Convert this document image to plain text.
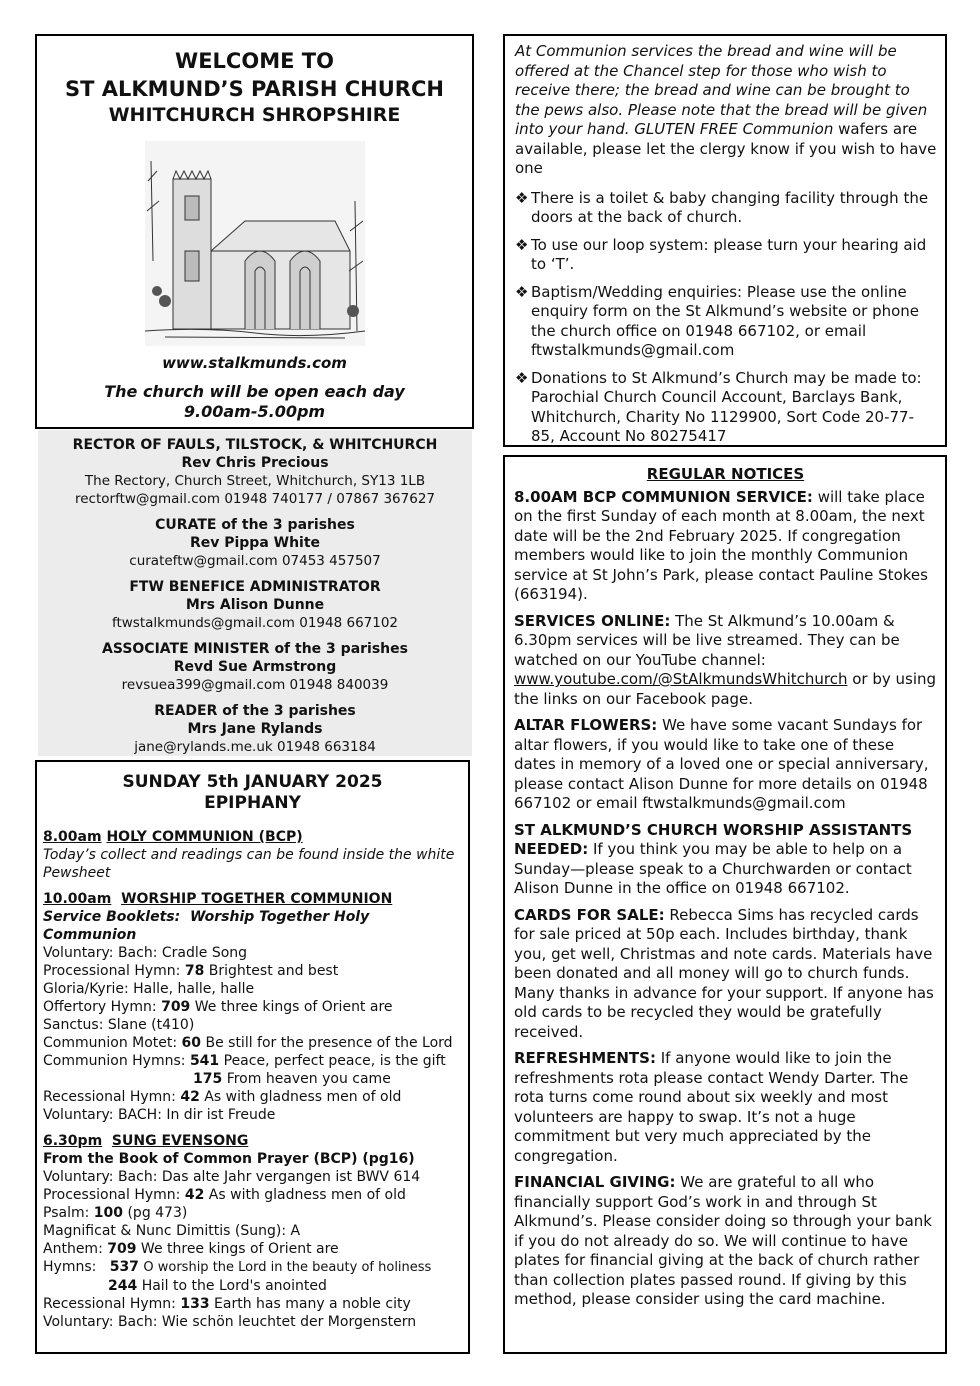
WELCOME TO
ST ALKMUND’S PARISH CHURCH
WHITCHURCH SHROPSHIRE
www.stalkmunds.com
The church will be open each day
9.00am-5.00pm
RECTOR OF FAULS, TILSTOCK, & WHITCHURCH
Rev Chris Precious
The Rectory, Church Street, Whitchurch, SY13 1LB
rectorftw@gmail.com 01948 740177 / 07867 367627
CURATE of the 3 parishes
Rev Pippa White
curateftw@gmail.com 07453 457507
FTW BENEFICE ADMINISTRATOR
Mrs Alison Dunne
ftwstalkmunds@gmail.com 01948 667102
ASSOCIATE MINISTER of the 3 parishes
Revd Sue Armstrong
revsuea399@gmail.com 01948 840039
READER of the 3 parishes
Mrs Jane Rylands
jane@rylands.me.uk 01948 663184
SUNDAY 5th JANUARY 2025
EPIPHANY
8.00am HOLY COMMUNION (BCP)
Today’s collect and readings can be found inside the white Pewsheet
10.00am WORSHIP TOGETHER COMMUNION
Service Booklets: Worship Together Holy Communion
Voluntary: Bach: Cradle Song
Processional Hymn: 78 Brightest and best
Gloria/Kyrie: Halle, halle, halle
Offertory Hymn: 709 We three kings of Orient are
Sanctus: Slane (t410)
Communion Motet: 60 Be still for the presence of the Lord
Communion Hymns: 541 Peace, perfect peace, is the gift
175 From heaven you came
Recessional Hymn: 42 As with gladness men of old
Voluntary: BACH: In dir ist Freude
6.30pm SUNG EVENSONG
From the Book of Common Prayer (BCP) (pg16)
Voluntary: Bach: Das alte Jahr vergangen ist BWV 614
Processional Hymn: 42 As with gladness men of old
Psalm: 100 (pg 473)
Magnificat & Nunc Dimittis (Sung): A
Anthem: 709 We three kings of Orient are
Hymns: 537 O worship the Lord in the beauty of holiness
244 Hail to the Lord's anointed
Recessional Hymn: 133 Earth has many a noble city
Voluntary: Bach: Wie schön leuchtet der Morgenstern
At Communion services the bread and wine will be offered at the Chancel step for those who wish to receive there; the bread and wine can be brought to the pews also. Please note that the bread will be given into your hand. GLUTEN FREE Communion wafers are available, please let the clergy know if you wish to have one
❖ There is a toilet & baby changing facility through the doors at the back of church.
❖ To use our loop system: please turn your hearing aid to ‘T’.
❖ Baptism/Wedding enquiries: Please use the online enquiry form on the St Alkmund’s website or phone the church office on 01948 667102, or email ftwstalkmunds@gmail.com
❖ Donations to St Alkmund’s Church may be made to: Parochial Church Council Account, Barclays Bank, Whitchurch, Charity No 1129900, Sort Code 20-77-85, Account No 80275417
REGULAR NOTICES
8.00AM BCP COMMUNION SERVICE: will take place on the first Sunday of each month at 8.00am, the next date will be the 2nd February 2025. If congregation members would like to join the monthly Communion service at St John’s Park, please contact Pauline Stokes (663194).
SERVICES ONLINE: The St Alkmund’s 10.00am & 6.30pm services will be live streamed. They can be watched on our YouTube channel: www.youtube.com/@StAlkmundsWhitchurch or by using the links on our Facebook page.
ALTAR FLOWERS: We have some vacant Sundays for altar flowers, if you would like to take one of these dates in memory of a loved one or special anniversary, please contact Alison Dunne for more details on 01948 667102 or email ftwstalkmunds@gmail.com
ST ALKMUND’S CHURCH WORSHIP ASSISTANTS NEEDED: If you think you may be able to help on a Sunday—please speak to a Churchwarden or contact Alison Dunne in the office on 01948 667102.
CARDS FOR SALE: Rebecca Sims has recycled cards for sale priced at 50p each. Includes birthday, thank you, get well, Christmas and note cards. Materials have been donated and all money will go to church funds. Many thanks in advance for your support. If anyone has old cards to be recycled they would be gratefully received.
REFRESHMENTS: If anyone would like to join the refreshments rota please contact Wendy Darter. The rota turns come round about six weekly and most volunteers are happy to swap. It’s not a huge commitment but very much appreciated by the congregation.
FINANCIAL GIVING: We are grateful to all who financially support God’s work in and through St Alkmund’s. Please consider doing so through your bank if you do not already do so. We will continue to have plates for financial giving at the back of church rather than collection plates passed round. If giving by this method, please consider using the card machine.
